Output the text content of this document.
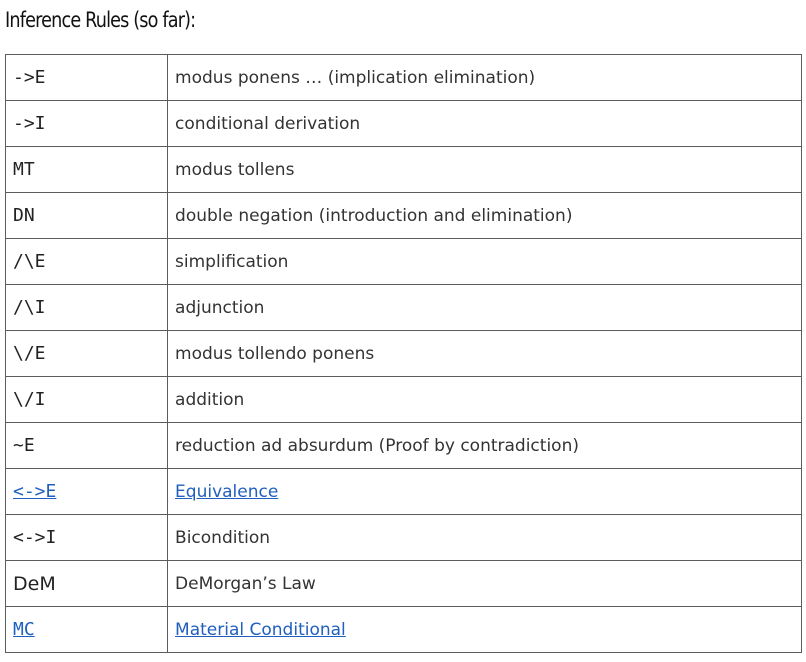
Inference Rules (so far):
->E	modus ponens … (implication elimination)
->I	conditional derivation
MT	modus tollens
DN	double negation (introduction and elimination)
/\E	simplification
/\I	adjunction
\/E	modus tollendo ponens
\/I	addition
~E	reduction ad absurdum (Proof by contradiction)
<->E	Equivalence
<->I	Bicondition
DeM	DeMorgan’s Law
MC	Material Conditional
